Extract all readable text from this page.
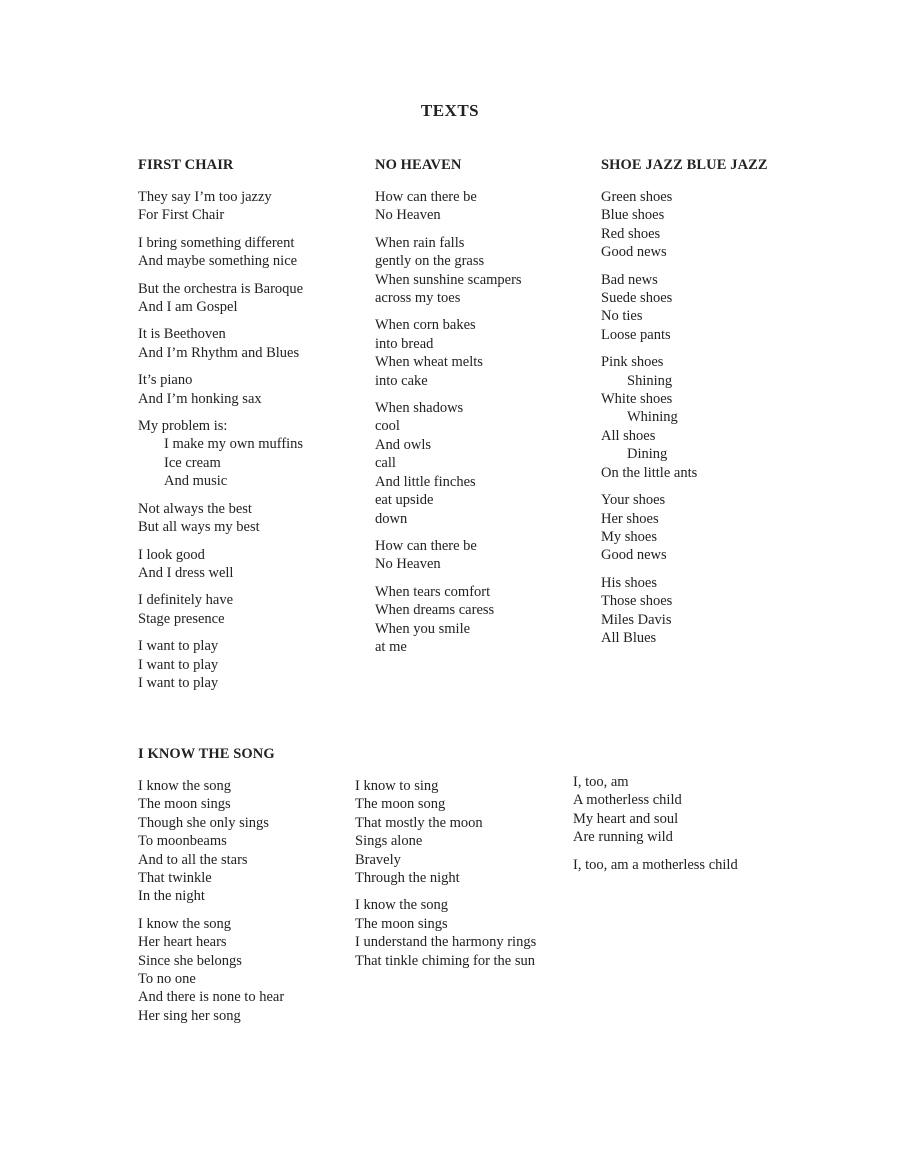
TEXTS
FIRST CHAIR
They say I’m too jazzy
For First Chair
I bring something different
And maybe something nice
But the orchestra is Baroque
And I am Gospel
It is Beethoven
And I’m Rhythm and Blues
It’s piano
And I’m honking sax
My problem is:
I make my own muffins
Ice cream
And music
Not always the best
But all ways my best
I look good
And I dress well
I definitely have
Stage presence
I want to play
I want to play
I want to play
NO HEAVEN
How can there be
No Heaven
When rain falls
gently on the grass
When sunshine scampers
across my toes
When corn bakes
into bread
When wheat melts
into cake
When shadows
cool
And owls
call
And little finches
eat upside
down
How can there be
No Heaven
When tears comfort
When dreams caress
When you smile
at me
SHOE JAZZ BLUE JAZZ
Green shoes
Blue shoes
Red shoes
Good news
Bad news
Suede shoes
No ties
Loose pants
Pink shoes
Shining
White shoes
Whining
All shoes
Dining
On the little ants
Your shoes
Her shoes
My shoes
Good news
His shoes
Those shoes
Miles Davis
All Blues
I KNOW THE SONG
I know the song
The moon sings
Though she only sings
To moonbeams
And to all the stars
That twinkle
In the night
I know the song
Her heart hears
Since she belongs
To no one
And there is none to hear
Her sing her song
I know to sing
The moon song
That mostly the moon
Sings alone
Bravely
Through the night
I know the song
The moon sings
I understand the harmony rings
That tinkle chiming for the sun
I, too, am
A motherless child
My heart and soul
Are running wild
I, too, am a motherless child
